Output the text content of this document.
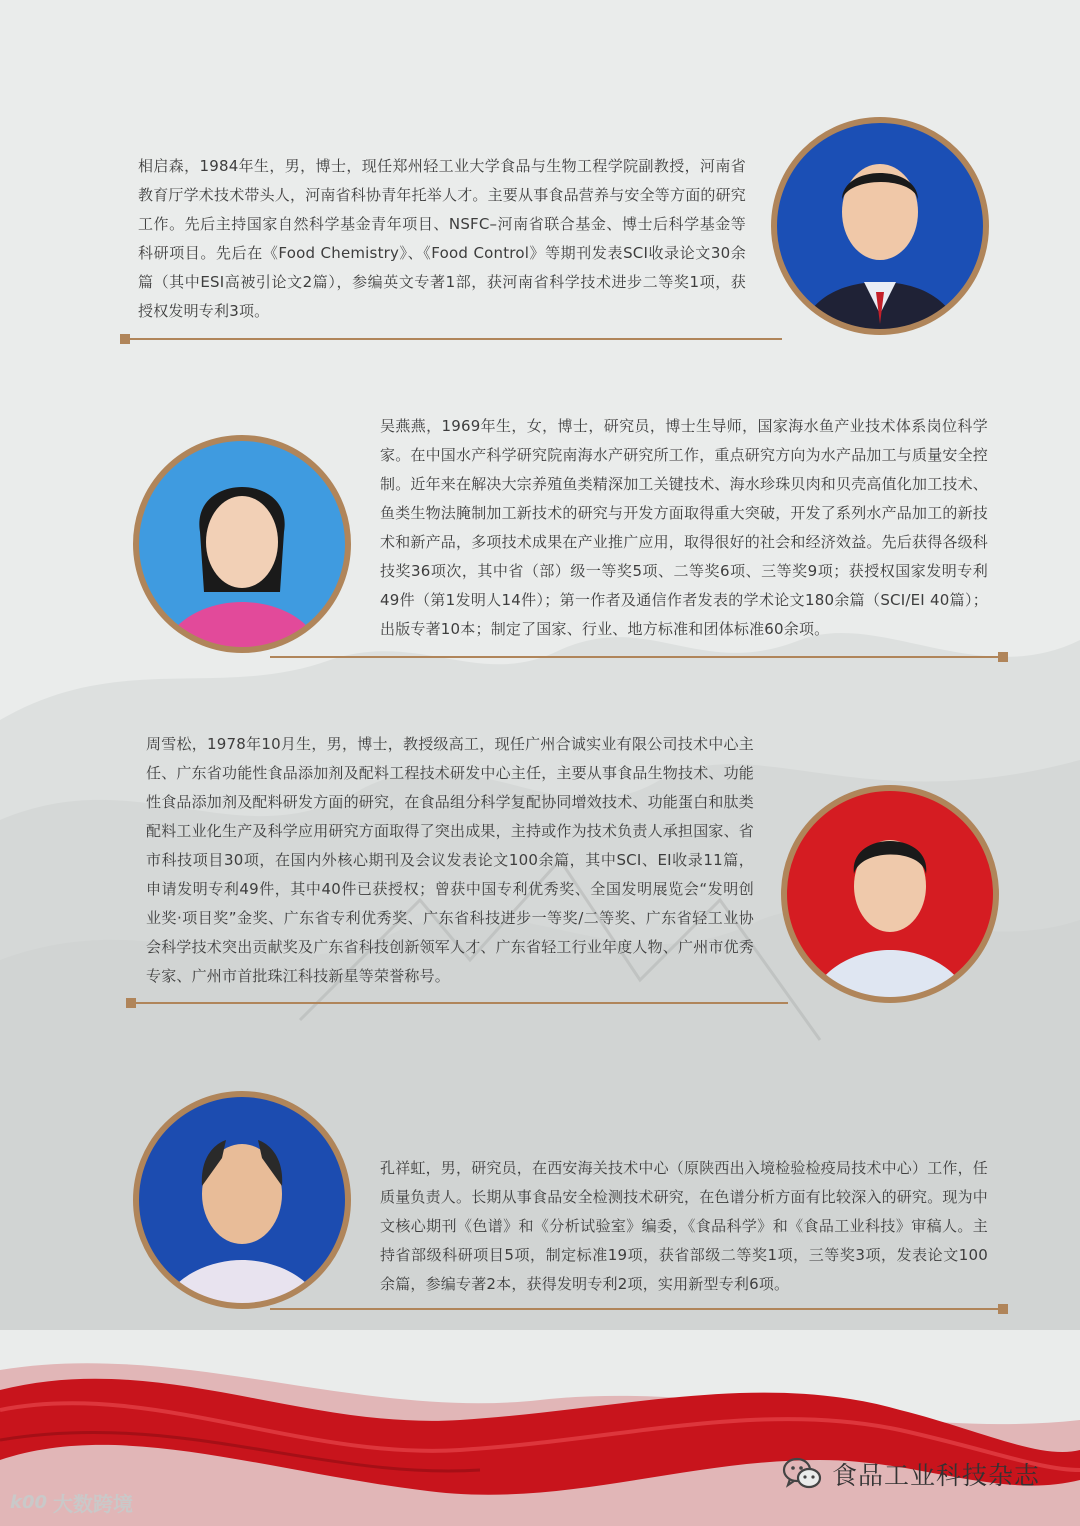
相启森，1984年生，男，博士，现任郑州轻工业大学食品与生物工程学院副教授，河南省教育厅学术技术带头人，河南省科协青年托举人才。主要从事食品营养与安全等方面的研究工作。先后主持国家自然科学基金青年项目、NSFC–河南省联合基金、博士后科学基金等科研项目。先后在《Food Chemistry》、《Food Control》等期刊发表SCI收录论文30余篇（其中ESI高被引论文2篇），参编英文专著1部，获河南省科学技术进步二等奖1项，获授权发明专利3项。
吴燕燕，1969年生，女，博士，研究员，博士生导师，国家海水鱼产业技术体系岗位科学家。在中国水产科学研究院南海水产研究所工作，重点研究方向为水产品加工与质量安全控制。近年来在解决大宗养殖鱼类精深加工关键技术、海水珍珠贝肉和贝壳高值化加工技术、鱼类生物法腌制加工新技术的研究与开发方面取得重大突破，开发了系列水产品加工的新技术和新产品，多项技术成果在产业推广应用，取得很好的社会和经济效益。先后获得各级科技奖36项次，其中省（部）级一等奖5项、二等奖6项、三等奖9项；获授权国家发明专利49件（第1发明人14件）；第一作者及通信作者发表的学术论文180余篇（SCI/EI 40篇）；出版专著10本；制定了国家、行业、地方标准和团体标准60余项。
周雪松，1978年10月生，男，博士，教授级高工，现任广州合诚实业有限公司技术中心主任、广东省功能性食品添加剂及配料工程技术研发中心主任，主要从事食品生物技术、功能性食品添加剂及配料研发方面的研究，在食品组分科学复配协同增效技术、功能蛋白和肽类配料工业化生产及科学应用研究方面取得了突出成果，主持或作为技术负责人承担国家、省市科技项目30项，在国内外核心期刊及会议发表论文100余篇，其中SCI、EI收录11篇，申请发明专利49件，其中40件已获授权；曾获中国专利优秀奖、全国发明展览会“发明创业奖·项目奖”金奖、广东省专利优秀奖、广东省科技进步一等奖/二等奖、广东省轻工业协会科学技术突出贡献奖及广东省科技创新领军人才、广东省轻工行业年度人物、广州市优秀专家、广州市首批珠江科技新星等荣誉称号。
孔祥虹，男，研究员，在西安海关技术中心（原陕西出入境检验检疫局技术中心）工作，任质量负责人。长期从事食品安全检测技术研究，在色谱分析方面有比较深入的研究。现为中文核心期刊《色谱》和《分析试验室》编委，《食品科学》和《食品工业科技》审稿人。主持省部级科研项目5项，制定标准19项，获省部级二等奖1项，三等奖3项，发表论文100余篇，参编专著2本，获得发明专利2项，实用新型专利6项。
食品工业科技杂志
k00 大数跨境
